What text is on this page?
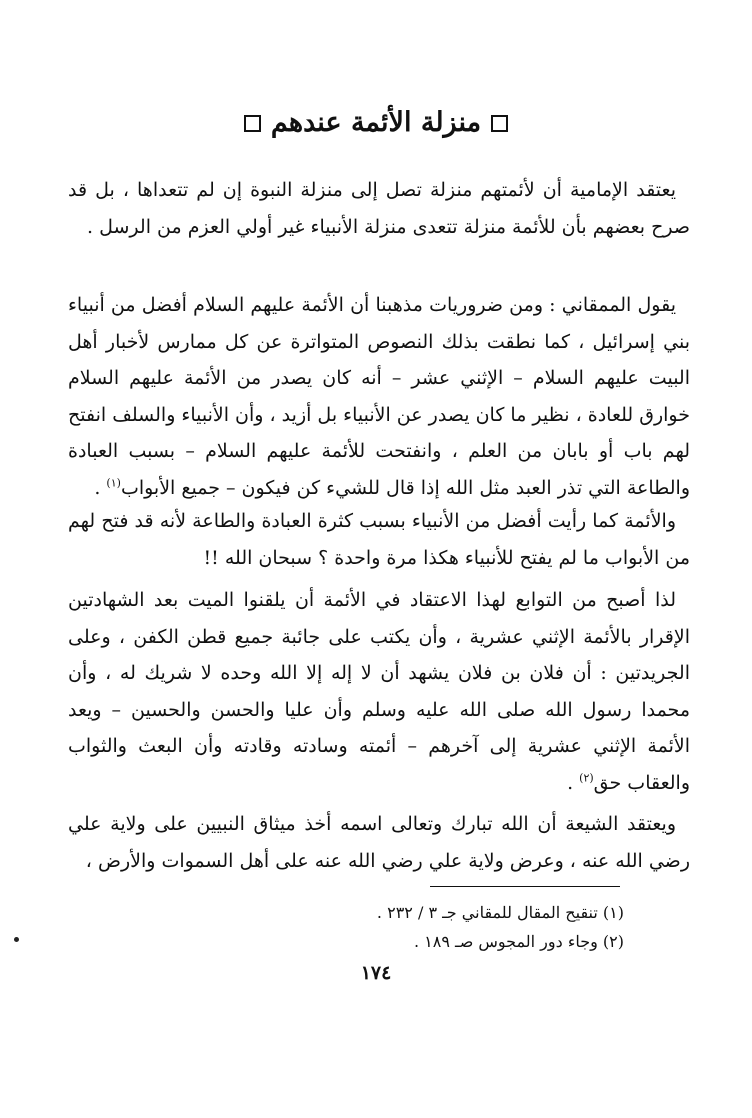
منزلة الأئمة عندهم

يعتقد الإمامية أن لأئمتهم منزلة تصل إلى منزلة النبوة إن لم تتعداها ، بل قد صرح بعضهم بأن للأئمة منزلة تتعدى منزلة الأنبياء غير أولي العزم من الرسل .

يقول الممقاني : ومن ضروريات مذهبنا أن الأئمة عليهم السلام أفضل من أنبياء بني إسرائيل ، كما نطقت بذلك النصوص المتواترة عن كل ممارس لأخبار أهل البيت عليهم السلام – الإثني عشر – أنه كان يصدر من الأئمة عليهم السلام خوارق للعادة ، نظير ما كان يصدر عن الأنبياء بل أزيد ، وأن الأنبياء والسلف انفتح لهم باب أو بابان من العلم ، وانفتحت للأئمة عليهم السلام – بسبب العبادة والطاعة التي تذر العبد مثل الله إذا قال للشيء كن فيكون – جميع الأبواب$^{(١)}$ .

والأئمة كما رأيت أفضل من الأنبياء بسبب كثرة العبادة والطاعة لأنه قد فتح لهم من الأبواب ما لم يفتح للأنبياء هكذا مرة واحدة ؟ سبحان الله !!

لذا أصبح من التوابع لهذا الاعتقاد في الأئمة أن يلقنوا الميت بعد الشهادتين الإقرار بالأئمة الإثني عشرية ، وأن يكتب على جائبة جميع قطن الكفن ، وعلى الجريدتين : أن فلان بن فلان يشهد أن لا إله إلا الله وحده لا شريك له ، وأن محمدا رسول الله صلى الله عليه وسلم وأن عليا والحسن والحسين – ويعد الأئمة الإثني عشرية إلى آخرهم – أئمته وسادته وقادته وأن البعث والثواب والعقاب حق$^{(٢)}$ .

ويعتقد الشيعة أن الله تبارك وتعالى اسمه أخذ ميثاق النبيين على ولاية علي رضي الله عنه ، وعرض ولاية علي رضي الله عنه على أهل السموات والأرض ،

(١) تنقيح المقال للمقاني جـ ٣ / ٢٣٢ .
(٢) وجاء دور المجوس صـ ١٨٩ .
١٧٤
